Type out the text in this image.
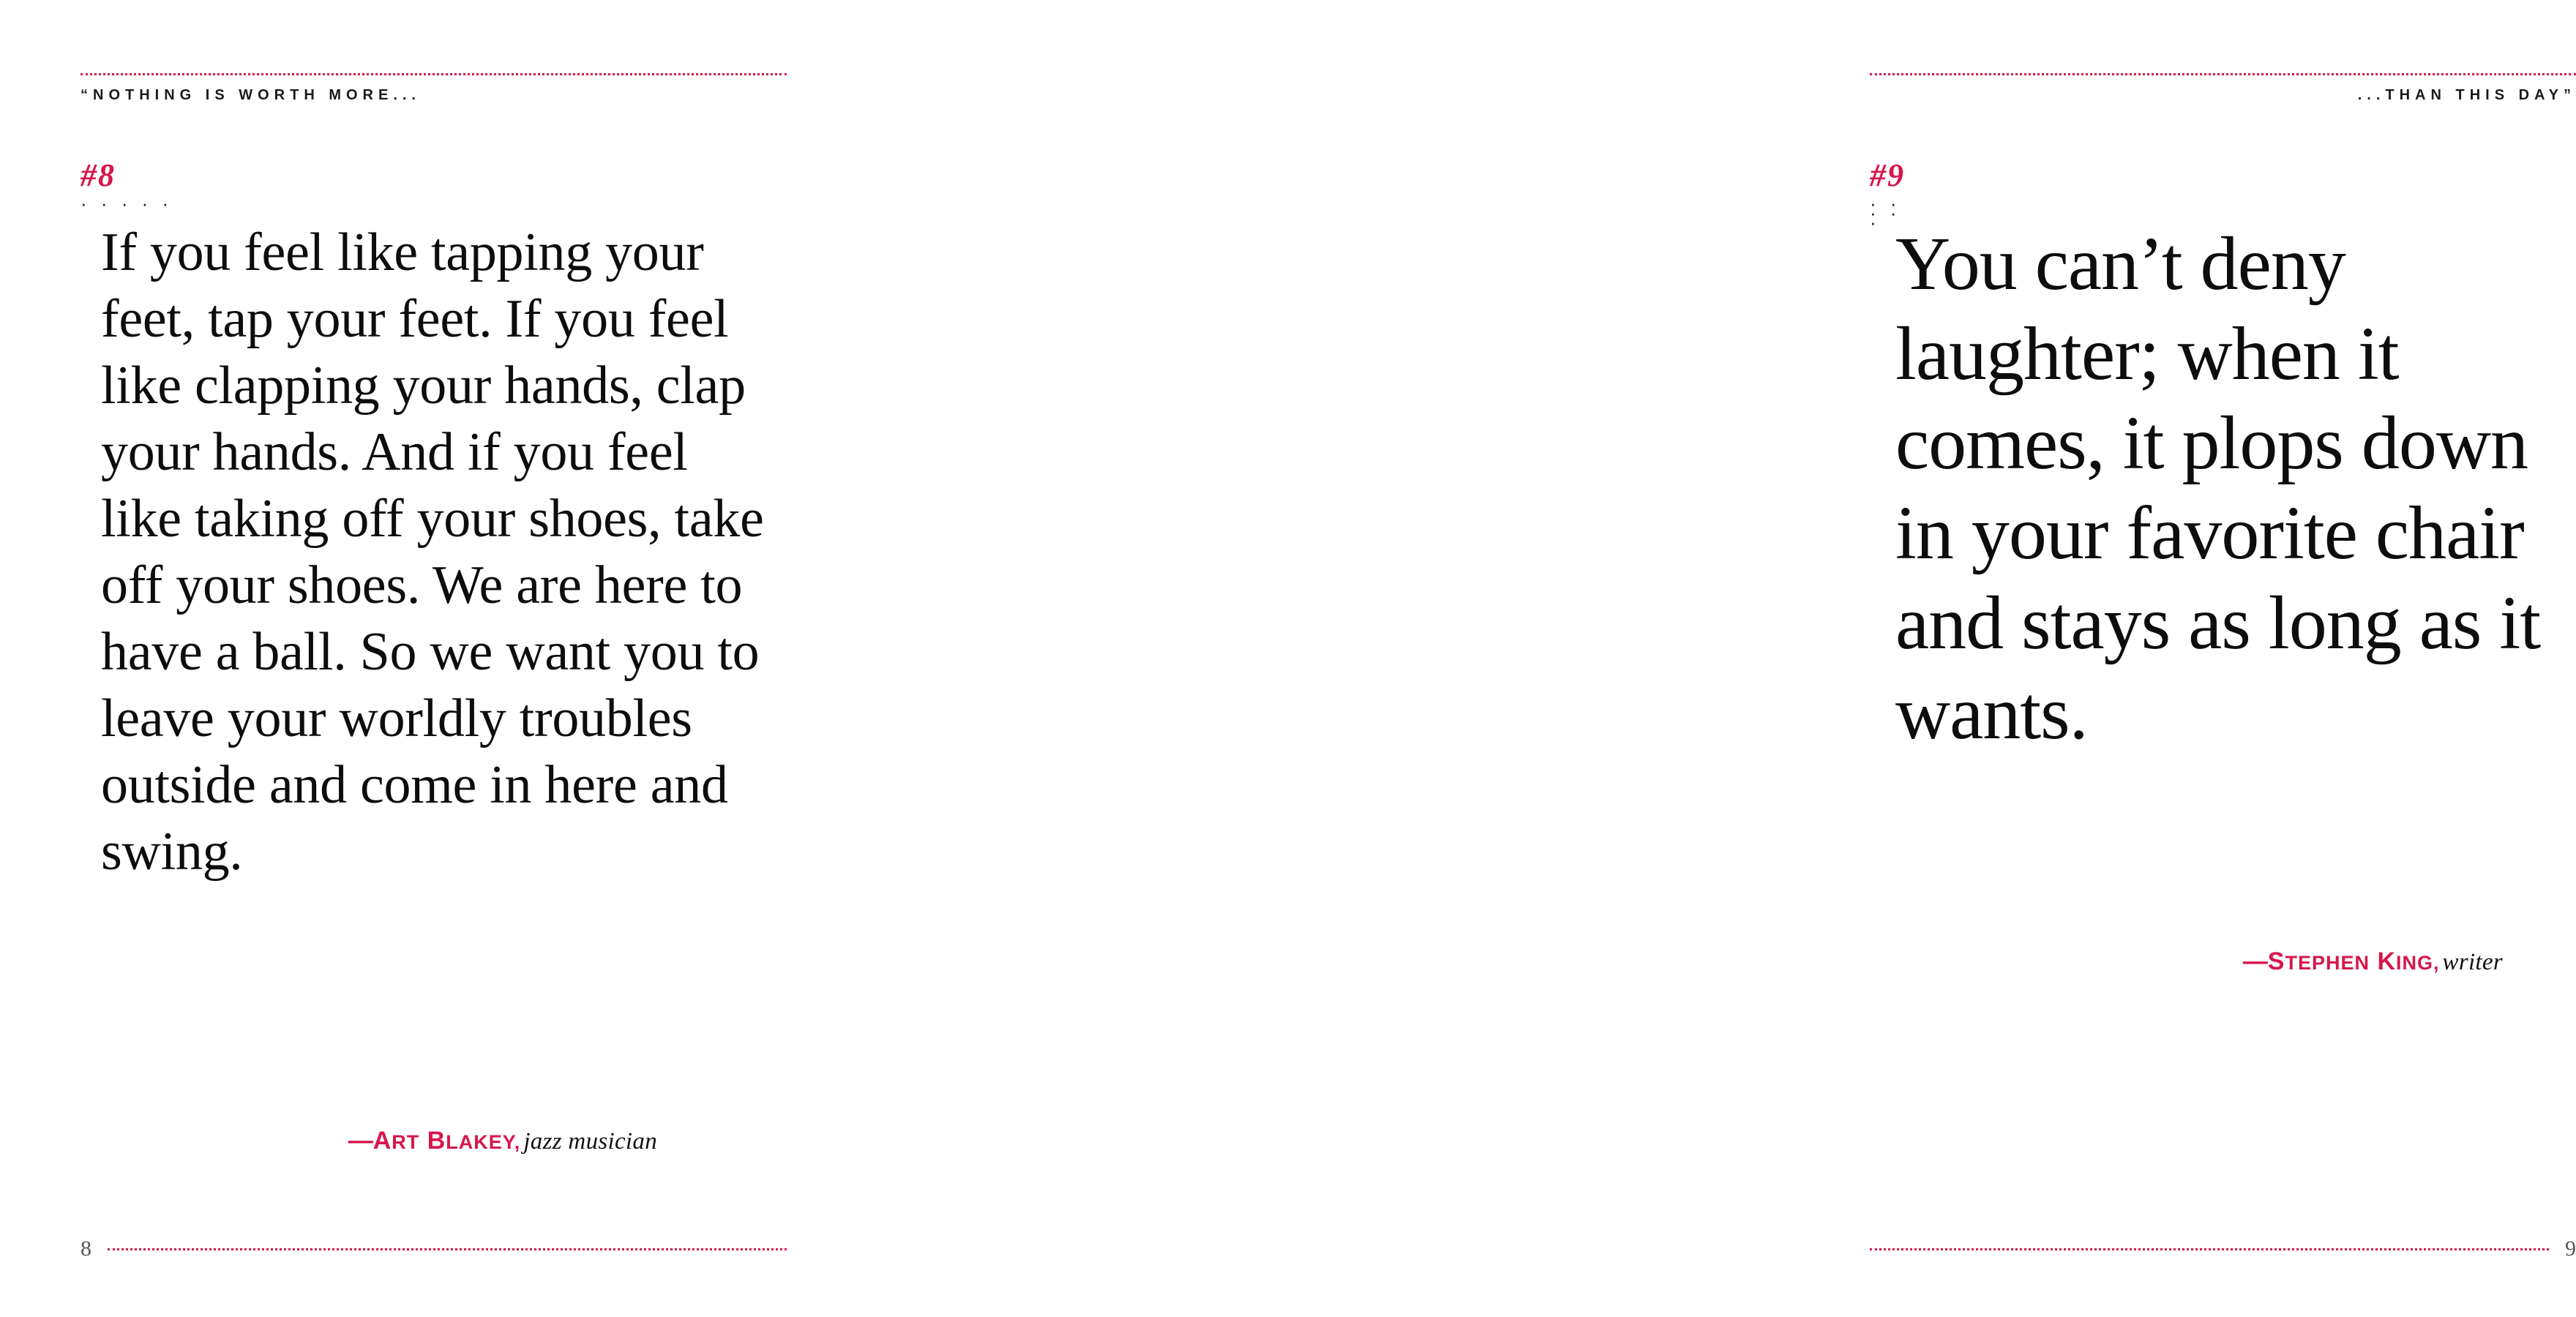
“NOTHING IS WORTH MORE...
#8
· · · · ·
If you feel like tapping your feet, tap your feet. If you feel like clapping your hands, clap your hands. And if you feel like taking off your shoes, take off your shoes. We are here to have a ball. So we want you to leave your worldly troubles outside and come in here and swing.
—ART BLAKEY, jazz musician
8
...THAN THIS DAY”
#9
· · · · · You can’t deny laughter; when it comes, it plops down in your favorite chair and stays as long as it wants.
—STEPHEN KING, writer
9
